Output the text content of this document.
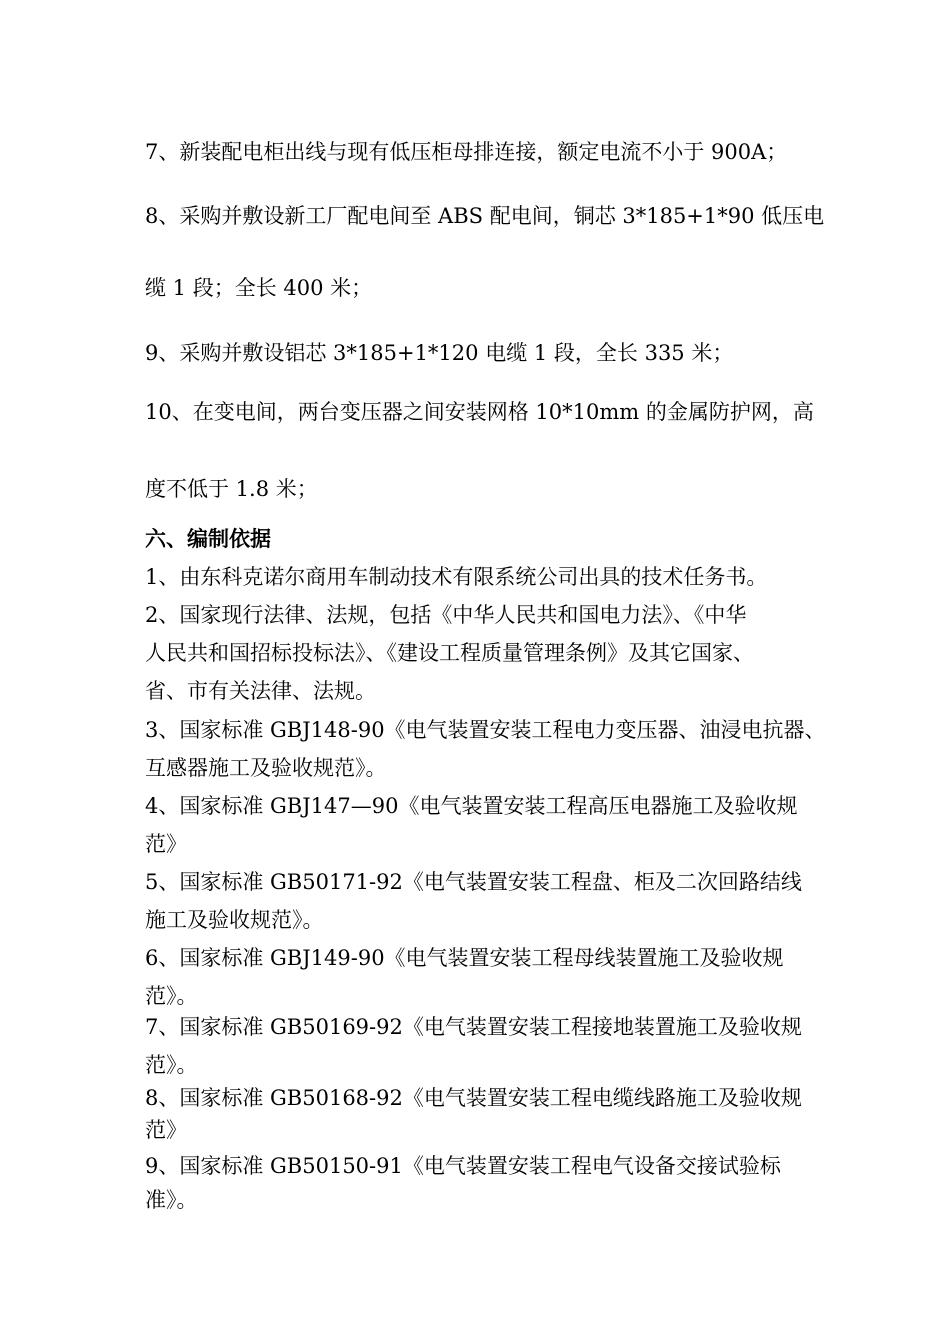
7、新装配电柜出线与现有低压柜母排连接，额定电流不小于 900A；
8、采购并敷设新工厂配电间至 ABS 配电间，铜芯 3*185+1*90 低压电
缆 1 段；全长 400 米；
9、采购并敷设铝芯 3*185+1*120 电缆 1 段，全长 335 米；
10、在变电间，两台变压器之间安装网格 10*10mm 的金属防护网，高
度不低于 1.8 米；
六、编制依据
1、由东科克诺尔商用车制动技术有限系统公司出具的技术任务书。
2、国家现行法律、法规，包括《中华人民共和国电力法》、《中华
人民共和国招标投标法》、《建设工程质量管理条例》及其它国家、
省、市有关法律、法规。
3、国家标准 GBJ148-90《电气装置安装工程电力变压器、油浸电抗器、
互感器施工及验收规范》。
4、国家标准 GBJ147—90《电气装置安装工程高压电器施工及验收规
范》
5、国家标准 GB50171-92《电气装置安装工程盘、柜及二次回路结线
施工及验收规范》。
6、国家标准 GBJ149-90《电气装置安装工程母线装置施工及验收规
范》。
7、国家标准 GB50169-92《电气装置安装工程接地装置施工及验收规
范》。
8、国家标准 GB50168-92《电气装置安装工程电缆线路施工及验收规
范》
9、国家标准 GB50150-91《电气装置安装工程电气设备交接试验标
准》。
